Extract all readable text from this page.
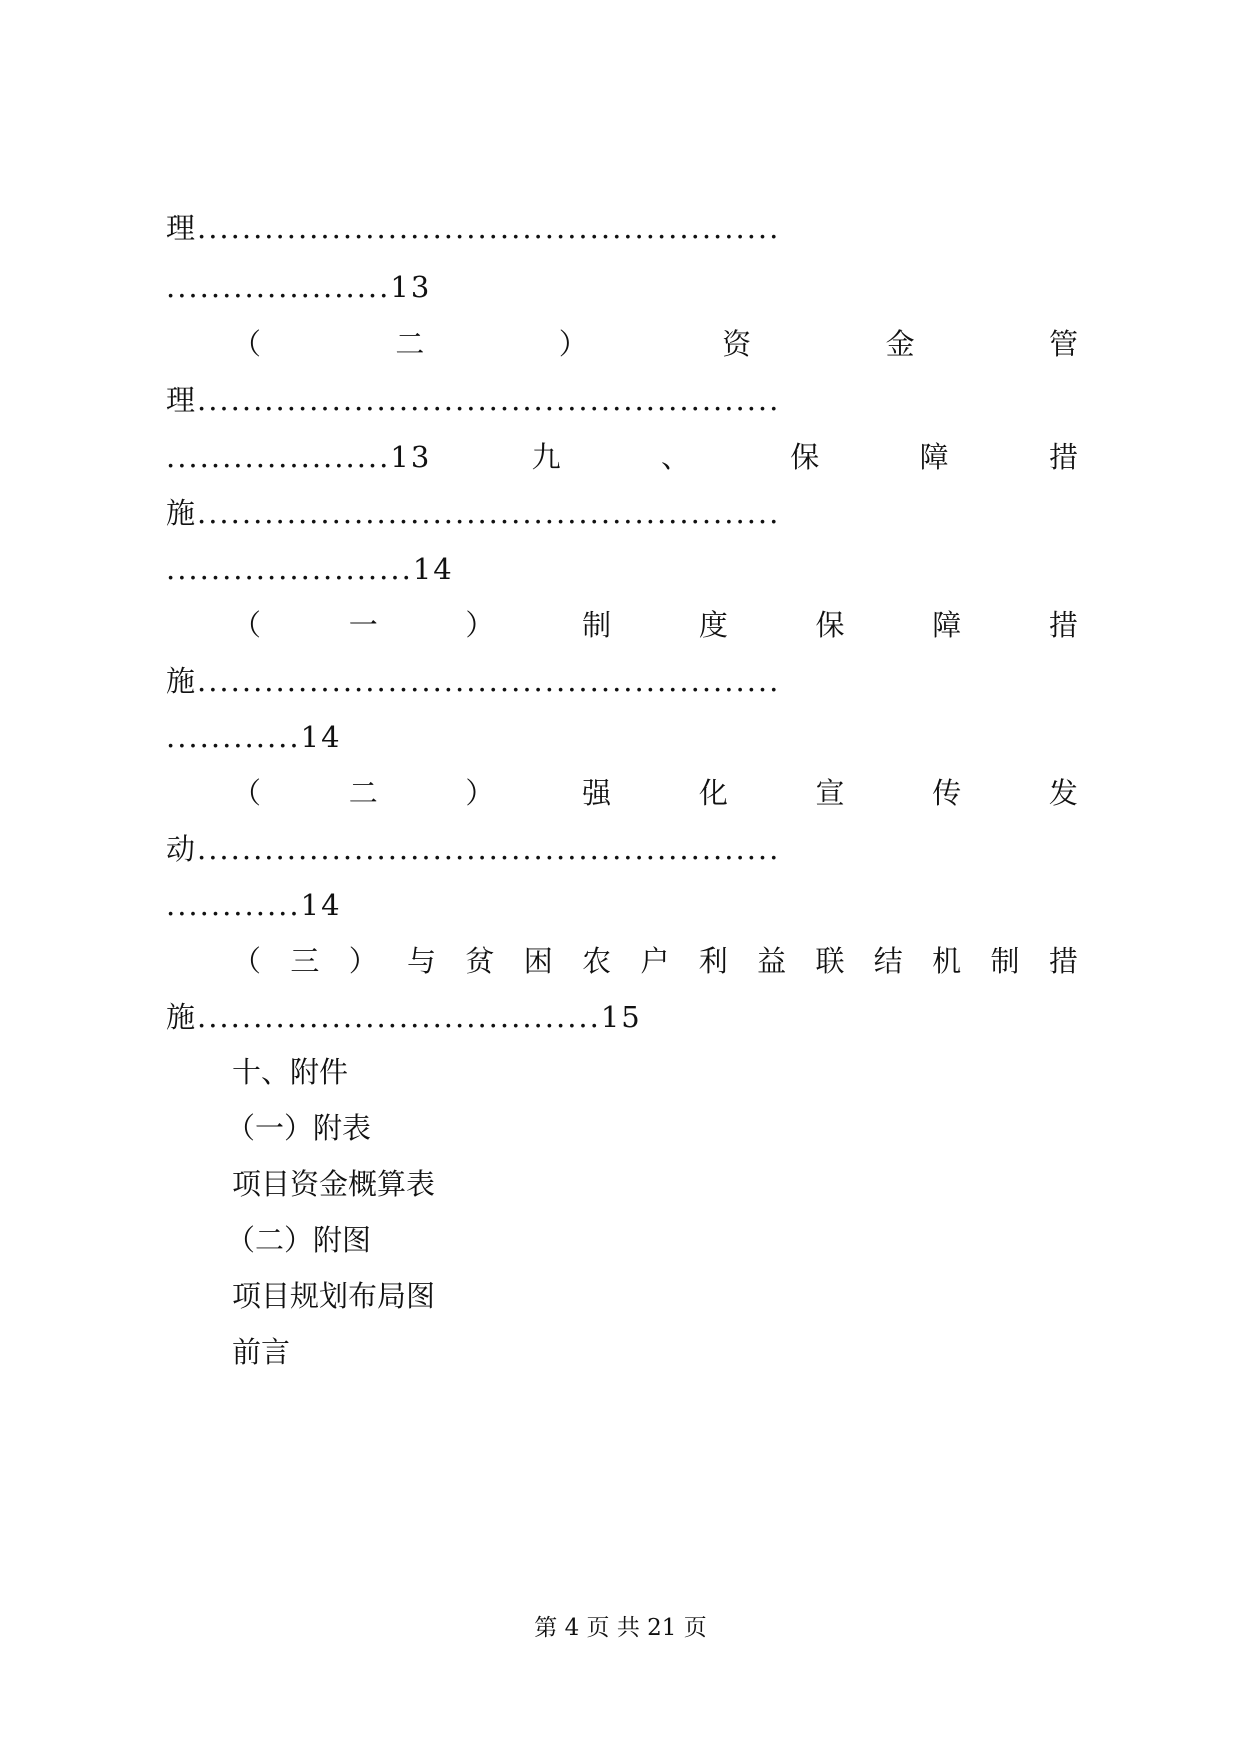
理....................................................
....................13
（	二	）	资	金	管
理....................................................
....................13	九	、	保	障	措
施....................................................
......................14
（	一	）	制	度	保	障	措
施....................................................
............14
（	二	）	强	化	宣	传	发
动....................................................
............14
（ 三 ） 与 贫 困 农 户 利 益 联 结 机 制 措
施....................................15
十、附件
（一）附表
项目资金概算表
（二）附图
项目规划布局图
前言
第 4 页 共 21 页
